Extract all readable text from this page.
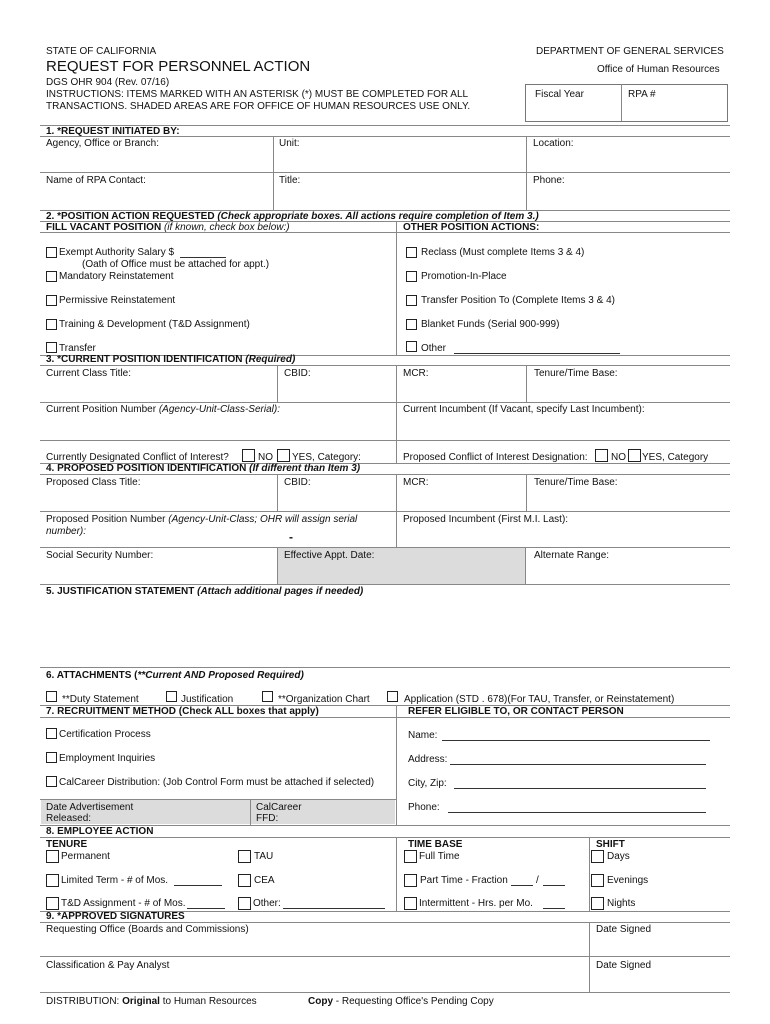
STATE OF CALIFORNIA
REQUEST FOR PERSONNEL ACTION
DGS OHR 904 (Rev. 07/16)
INSTRUCTIONS: ITEMS MARKED WITH AN ASTERISK (*) MUST BE COMPLETED FOR ALL
TRANSACTIONS. SHADED AREAS ARE FOR OFFICE OF HUMAN RESOURCES USE ONLY.
DEPARTMENT OF GENERAL SERVICES
Office of Human Resources
Fiscal Year	RPA #
1. *REQUEST INITIATED BY:
Agency, Office or Branch:	Unit:	Location:
Name of RPA Contact:	Title:	Phone:
2. *POSITION ACTION REQUESTED (Check appropriate boxes. All actions require completion of Item 3.)
FILL VACANT POSITION (if known, check box below:)	OTHER POSITION ACTIONS:
Exempt Authority Salary $
(Oath of Office must be attached for appt.)
Mandatory Reinstatement
Permissive Reinstatement
Training & Development (T&D Assignment)
Transfer
Reclass (Must complete Items 3 & 4)
Promotion-In-Place
Transfer Position To (Complete Items 3 & 4)
Blanket Funds (Serial 900-999)
Other
3. *CURRENT POSITION IDENTIFICATION (Required)
Current Class Title:	CBID:	MCR:	Tenure/Time Base:
Current Position Number (Agency-Unit-Class-Serial):	Current Incumbent (If Vacant, specify Last Incumbent):
Currently Designated Conflict of Interest?	NO YES, Category:	Proposed Conflict of Interest Designation: NO YES, Category
4. PROPOSED POSITION IDENTIFICATION (If different than Item 3)
Proposed Class Title:	CBID:	MCR:	Tenure/Time Base:
Proposed Position Number (Agency-Unit-Class; OHR will assign serial
number):	-
Proposed Incumbent (First M.I. Last):
Social Security Number:	Effective Appt. Date:	Alternate Range:
5. JUSTIFICATION STATEMENT (Attach additional pages if needed)
6. ATTACHMENTS (**Current AND Proposed Required)
**Duty Statement	Justification	**Organization Chart	Application (STD . 678)(For TAU, Transfer, or Reinstatement)
7. RECRUITMENT METHOD (Check ALL boxes that apply)	REFER ELIGIBLE TO, OR CONTACT PERSON
Certification Process
Employment Inquiries
CalCareer Distribution: (Job Control Form must be attached if selected)
Name:
Address:
City, Zip:
Phone:
Date Advertisement
Released:
CalCareer
FFD:
8. EMPLOYEE ACTION
TENURE	TIME BASE	SHIFT
Permanent	TAU	Full Time	Days
Limited Term - # of Mos.	CEA	Part Time - Fraction	/	Evenings
T&D Assignment - # of Mos.	Other:	Intermittent - Hrs. per Mo.	Nights
9. *APPROVED SIGNATURES
Requesting Office (Boards and Commissions)	Date Signed
Classification & Pay Analyst	Date Signed
DISTRIBUTION: Original to Human Resources	Copy - Requesting Office's Pending Copy
